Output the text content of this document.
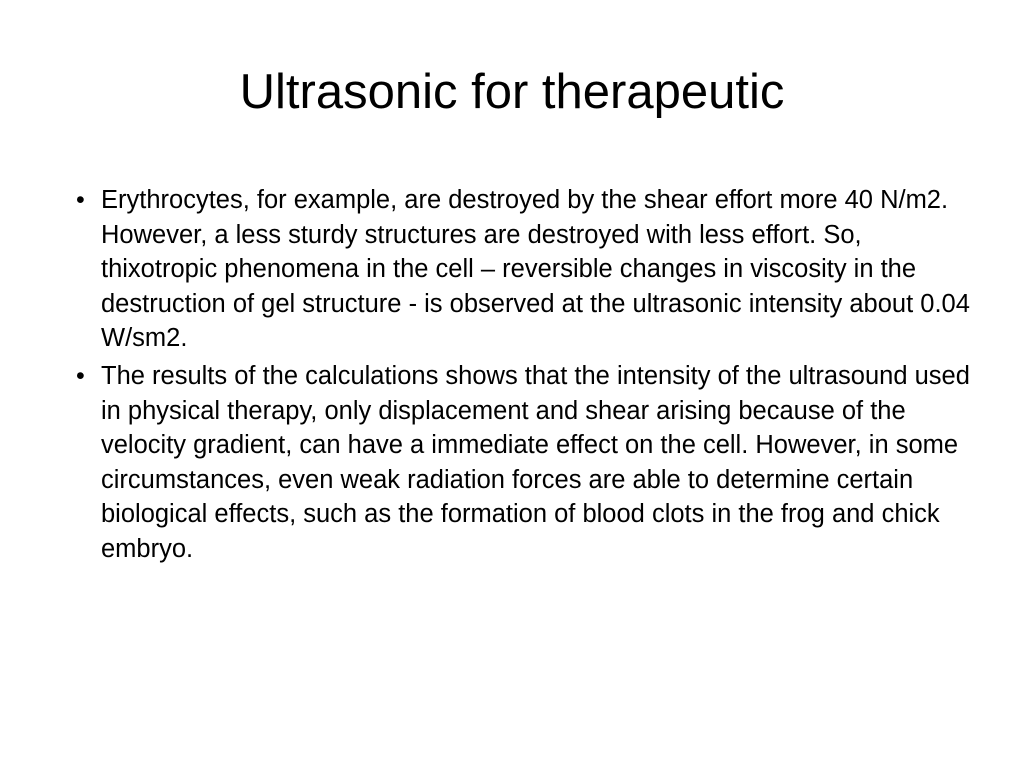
Ultrasonic for therapeutic
• Erythrocytes, for example, are destroyed by the shear effort more 40 N/m2. However, a less sturdy structures are destroyed with less effort. So, thixotropic phenomena in the cell – reversible changes in viscosity in the destruction of gel structure - is observed at the ultrasonic intensity about 0.04 W/sm2.
• The results of the calculations shows that the intensity of the ultrasound used in physical therapy, only displacement and shear arising because of the velocity gradient, can have a immediate effect on the cell. However, in some circumstances, even weak radiation forces are able to determine certain biological effects, such as the formation of blood clots in the frog and chick embryo.
